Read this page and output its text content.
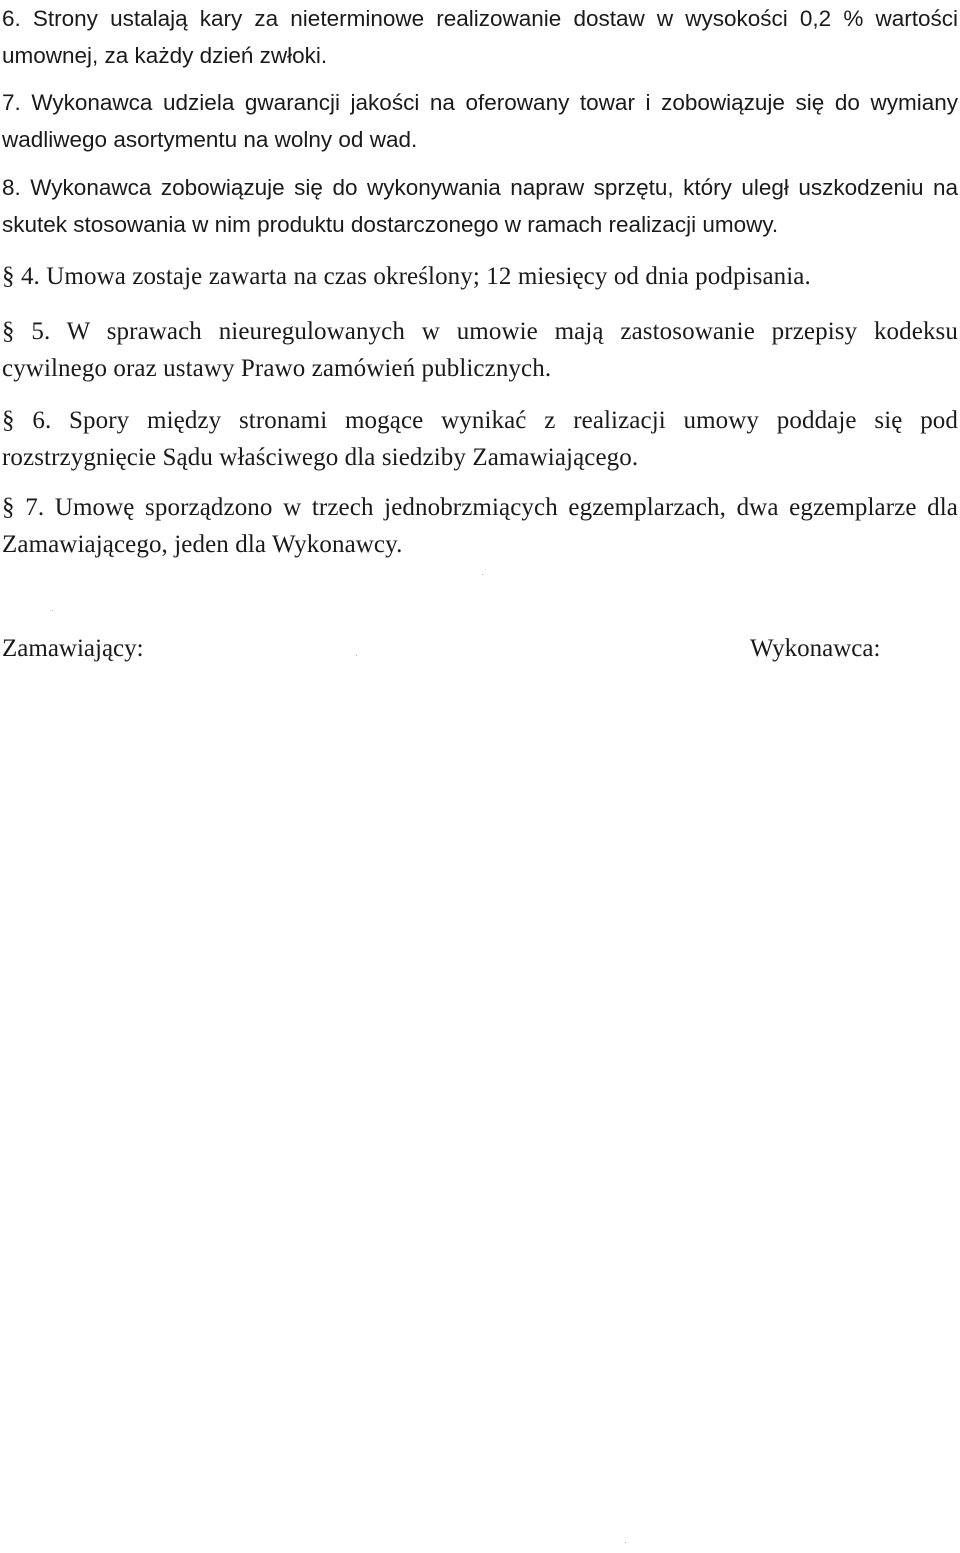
6. Strony ustalają kary za nieterminowe realizowanie dostaw w wysokości 0,2 % wartości umownej, za każdy dzień zwłoki.

7. Wykonawca udziela gwarancji jakości na oferowany towar i zobowiązuje się do wymiany wadliwego asortymentu na wolny od wad.

8. Wykonawca zobowiązuje się do wykonywania napraw sprzętu, który uległ uszkodzeniu na skutek stosowania w nim produktu dostarczonego w ramach realizacji umowy.

§ 4. Umowa zostaje zawarta na czas określony; 12 miesięcy od dnia podpisania.

§ 5. W sprawach nieuregulowanych w umowie mają zastosowanie przepisy kodeksu cywilnego oraz ustawy Prawo zamówień publicznych.

§ 6. Spory między stronami mogące wynikać z realizacji umowy poddaje się pod rozstrzygnięcie Sądu właściwego dla siedziby Zamawiającego.

§ 7. Umowę sporządzono w trzech jednobrzmiących egzemplarzach, dwa egzemplarze dla Zamawiającego, jeden dla Wykonawcy.

Zamawiający:	Wykonawca:
